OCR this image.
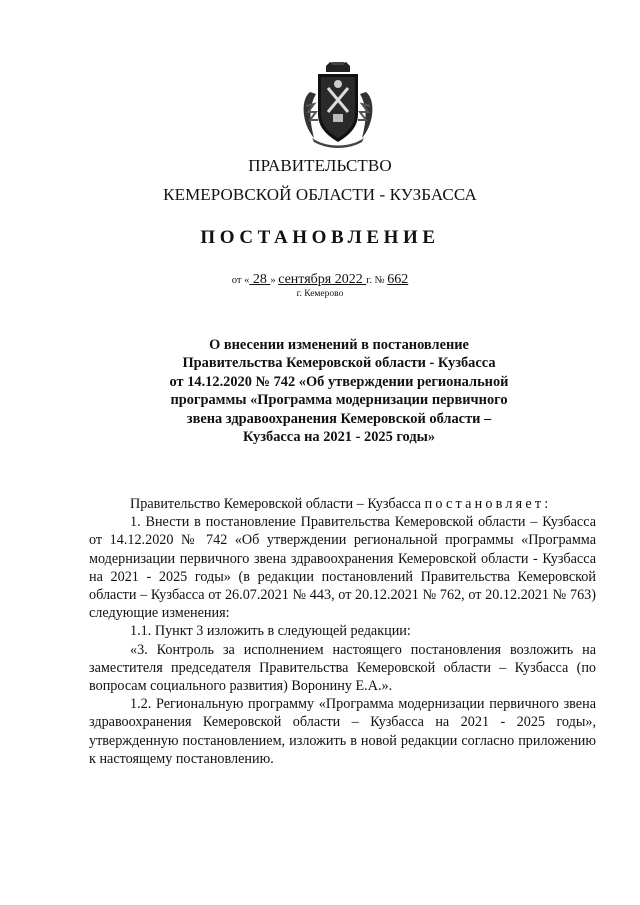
ПРАВИТЕЛЬСТВО
КЕМЕРОВСКОЙ ОБЛАСТИ - КУЗБАССА
ПОСТАНОВЛЕНИЕ
от « 28 » сентября 2022 г. № 662
г. Кемерово
О внесении изменений в постановление
Правительства Кемеровской области - Кузбасса
от 14.12.2020 № 742 «Об утверждении региональной
программы «Программа модернизации первичного
звена здравоохранения Кемеровской области –
Кузбасса на 2021 - 2025 годы»

Правительство Кемеровской области – Кузбасса постановляет:

1. Внести в постановление Правительства Кемеровской области – Кузбасса от 14.12.2020 № 742 «Об утверждении региональной программы «Программа модернизации первичного звена здравоохранения Кемеровской области - Кузбасса на 2021 - 2025 годы» (в редакции постановлений Правительства Кемеровской области – Кузбасса от 26.07.2021 № 443, от 20.12.2021 № 762, от 20.12.2021 № 763) следующие изменения:

1.1. Пункт 3 изложить в следующей редакции:

«3. Контроль за исполнением настоящего постановления возложить на заместителя председателя Правительства Кемеровской области – Кузбасса (по вопросам социального развития) Воронину Е.А.».

1.2. Региональную программу «Программа модернизации первичного звена здравоохранения Кемеровской области – Кузбасса на 2021 - 2025 годы», утвержденную постановлением, изложить в новой редакции согласно приложению к настоящему постановлению.
